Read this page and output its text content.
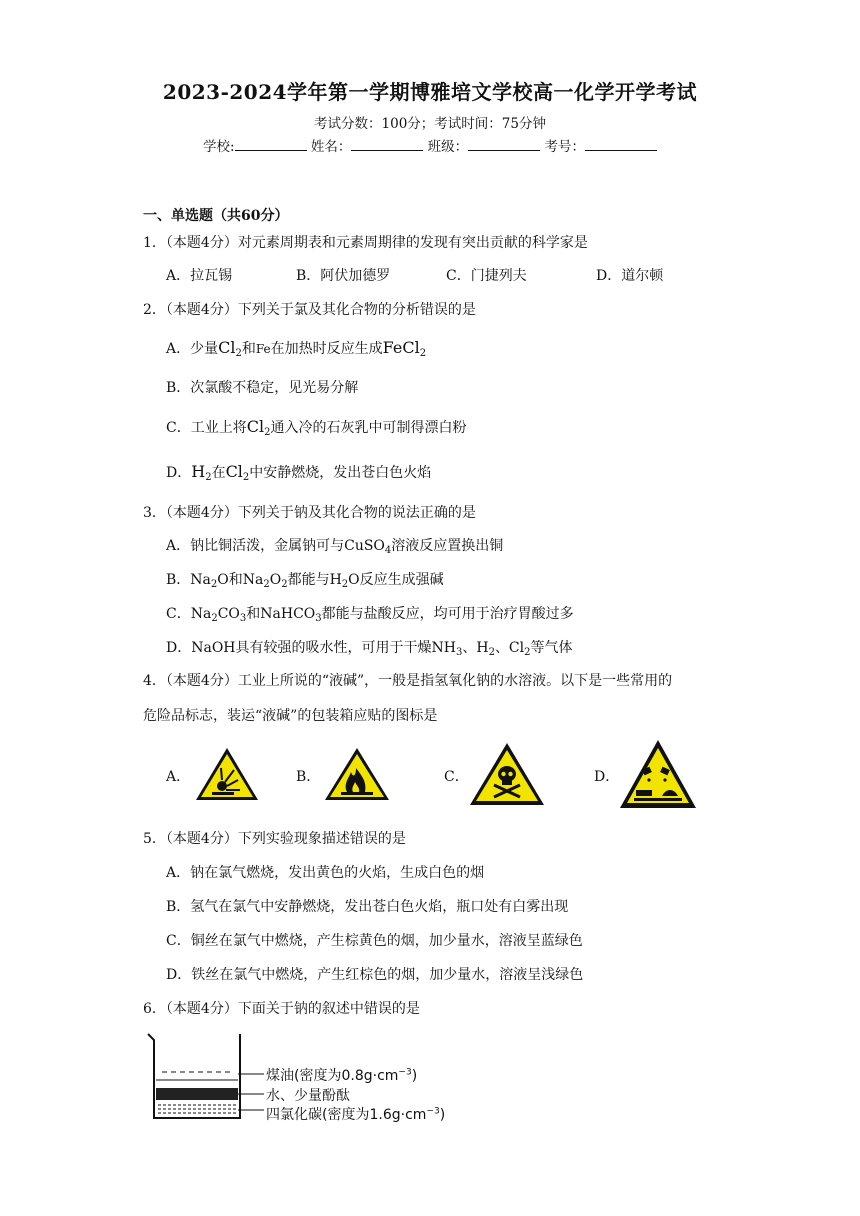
2023-2024学年第一学期博雅培文学校高一化学开学考试
考试分数：100分；考试时间：75分钟
学校:	姓名：	班级：	考号：
一、单选题（共60分）
1．（本题4分）对元素周期表和元素周期律的发现有突出贡献的科学家是
A．拉瓦锡	B．阿伏加德罗	C．门捷列夫	D．道尔顿
2．（本题4分）下列关于氯及其化合物的分析错误的是
A．少量$Cl_2$和Fe在加热时反应生成FeCl$_2$
B．次氯酸不稳定，见光易分解
C．工业上将$Cl_2$通入冷的石灰乳中可制得漂白粉
D．$H_2$在$Cl_2$中安静燃烧，发出苍白色火焰
3．（本题4分）下列关于钠及其化合物的说法正确的是
A．钠比铜活泼，金属钠可与CuSO$_4$溶液反应置换出铜
B．$Na_2O$和$Na_2O_2$都能与$H_2O$反应生成强碱
C．$Na_2CO_3$和NaHCO$_3$都能与盐酸反应，均可用于治疗胃酸过多
D．NaOH具有较强的吸水性，可用于干燥$NH_3$、$H_2$、$Cl_2$等气体
4．（本题4分）工业上所说的“液碱”，一般是指氢氧化钠的水溶液。以下是一些常用的
危险品标志，装运“液碱”的包装箱应贴的图标是
A．	B．	C．	D．
5．（本题4分）下列实验现象描述错误的是
A．钠在氯气燃烧，发出黄色的火焰，生成白色的烟
B．氢气在氯气中安静燃烧，发出苍白色火焰，瓶口处有白雾出现
C．铜丝在氯气中燃烧，产生棕黄色的烟，加少量水，溶液呈蓝绿色
D．铁丝在氯气中燃烧，产生红棕色的烟，加少量水，溶液呈浅绿色
6．（本题4分）下面关于钠的叙述中错误的是
煤油(密度为$0.8g\cdot cm^{-3}$)
水、少量酚酞
四氯化碳(密度为$1.6g\cdot cm^{-3}$)
